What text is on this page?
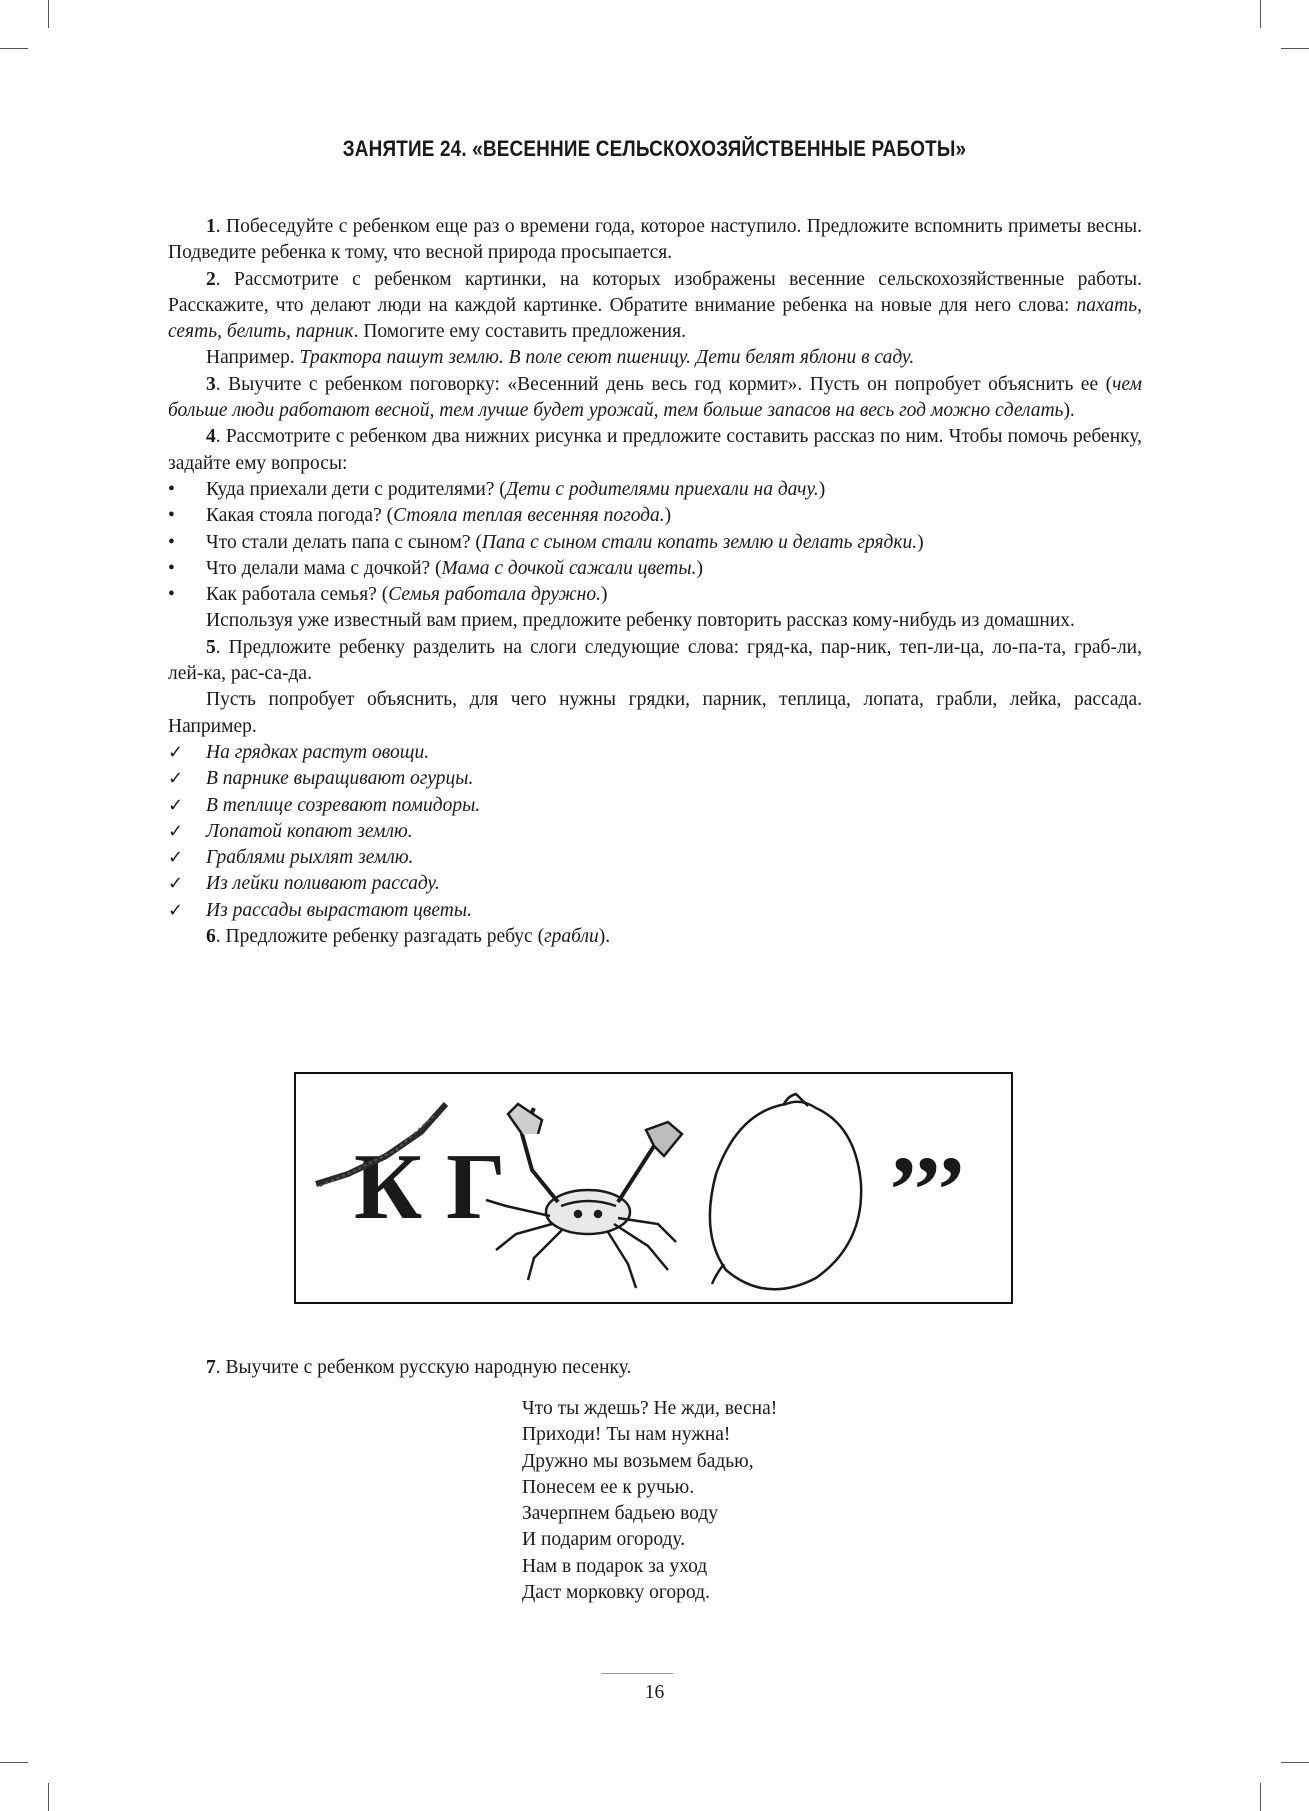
ЗАНЯТИЕ 24. «ВЕСЕННИЕ СЕЛЬСКОХОЗЯЙСТВЕННЫЕ РАБОТЫ»

1. Побеседуйте с ребенком еще раз о времени года, которое наступило. Предложите вспомнить приметы весны. Подведите ребенка к тому, что весной природа просыпается.

2. Рассмотрите с ребенком картинки, на которых изображены весенние сельскохозяйственные работы. Расскажите, что делают люди на каждой картинке. Обратите внимание ребенка на новые для него слова: пахать, сеять, белить, парник. Помогите ему составить предложения.

Например. Трактора пашут землю. В поле сеют пшеницу. Дети белят яблони в саду.

3. Выучите с ребенком поговорку: «Весенний день весь год кормит». Пусть он попробует объяснить ее (чем больше люди работают весной, тем лучше будет урожай, тем больше запасов на весь год можно сделать).

4. Рассмотрите с ребенком два нижних рисунка и предложите составить рассказ по ним. Чтобы помочь ребенку, задайте ему вопросы:

• Куда приехали дети с родителями? (Дети с родителями приехали на дачу.)
• Какая стояла погода? (Стояла теплая весенняя погода.)
• Что стали делать папа с сыном? (Папа с сыном стали копать землю и делать грядки.)
• Что делали мама с дочкой? (Мама с дочкой сажали цветы.)
• Как работала семья? (Семья работала дружно.)

Используя уже известный вам прием, предложите ребенку повторить рассказ кому-нибудь из домашних.

5. Предложите ребенку разделить на слоги следующие слова: гряд-ка, пар-ник, теп-ли-ца, ло-па-та, граб-ли, лей-ка, рас-са-да.

Пусть попробует объяснить, для чего нужны грядки, парник, теплица, лопата, грабли, лейка, рассада. Например.

✓ На грядках растут овощи.
✓ В парнике выращивают огурцы.
✓ В теплице созревают помидоры.
✓ Лопатой копают землю.
✓ Граблями рыхлят землю.
✓ Из лейки поливают рассаду.
✓ Из рассады вырастают цветы.

6. Предложите ребенку разгадать ребус (грабли).

К Г	,,,
7. Выучите с ребенком русскую народную песенку.
Что ты ждешь? Не жди, весна!
Приходи! Ты нам нужна!
Дружно мы возьмем бадью,
Понесем ее к ручью.
Зачерпнем бадьею воду
И подарим огороду.
Нам в подарок за уход
Даст морковку огород.
16
